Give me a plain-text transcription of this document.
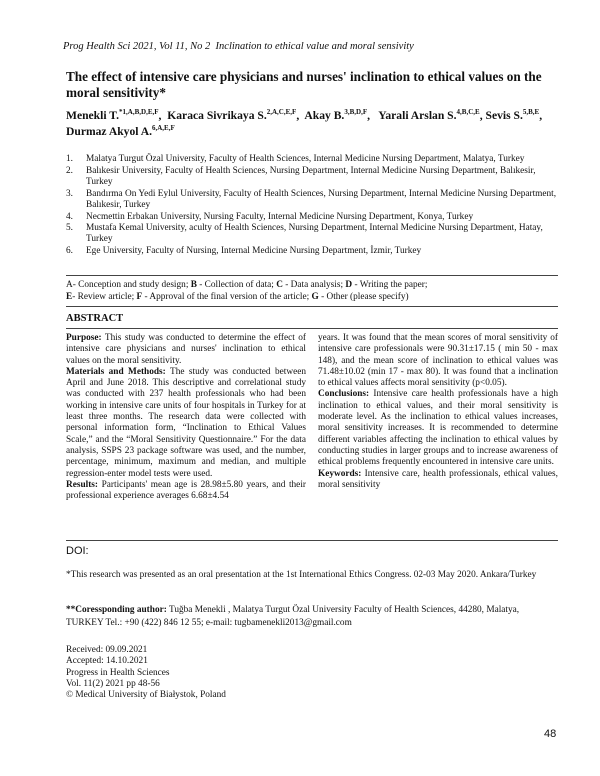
Prog Health Sci 2021, Vol 11, No 2 Inclination to ethical value and moral sensivity
The effect of intensive care physicians and nurses' inclination to ethical values on the moral sensitivity*
Menekli T.$^{*1,A,B,D,E,F}$, Karaca Sivrikaya S.$^{2,A,C,E,F}$, Akay B.$^{3,B,D,F}$, Yarali Arslan S.$^{4,B,C,E}$, Sevis S.$^{5,B,E}$,   Durmaz Akyol A.$^{6,A,E,F}$
1. Malatya Turgut Özal University, Faculty of Health Sciences, Internal Medicine Nursing Department, Malatya, Turkey
2. Balıkesir University, Faculty of Health Sciences, Nursing Department, Internal Medicine Nursing Department, Balıkesir, Turkey
3. Bandırma On Yedi Eylul University, Faculty of Health Sciences, Nursing Department, Internal Medicine Nursing Department, Balıkesir, Turkey
4. Necmettin Erbakan University, Nursing Faculty, Internal Medicine Nursing Department, Konya, Turkey
5. Mustafa Kemal University, aculty of Health Sciences, Nursing Department, Internal Medicine Nursing Department, Hatay, Turkey
6. Ege University, Faculty of Nursing, Internal Medicine Nursing Department, İzmir, Turkey
A- Conception and study design; B - Collection of data; C - Data analysis; D - Writing the paper;
E- Review article; F - Approval of the final version of the article; G - Other (please specify)
ABSTRACT

Purpose: This study was conducted to determine the effect of intensive care physicians and nurses' inclination to ethical values on the moral sensitivity.

Materials and Methods: The study was conducted between April and June 2018. This descriptive and correlational study was conducted with 237 health professionals who had been working in intensive care units of four hospitals in Turkey for at least three months. The research data were collected with personal information form, “Inclination to Ethical Values Scale,” and the “Moral Sensitivity Questionnaire.” For the data analysis, SSPS 23 package software was used, and the number, percentage, minimum, maximum and median, and multiple regression-enter model tests were used.

Results: Participants' mean age is 28.98±5.80 years, and their professional experience averages 6.68±4.54

years. It was found that the mean scores of moral sensitivity of intensive care professionals were 90.31±17.15 ( min 50 - max 148), and the mean score of inclination to ethical values was 71.48±10.02 (min 17 - max 80). It was found that a inclination to ethical values affects moral sensitivity (p<0.05).

Conclusions: Intensive care health professionals have a high inclination to ethical values, and their moral sensitivity is moderate level. As the inclination to ethical values increases, moral sensitivity increases. It is recommended to determine different variables affecting the inclination to ethical values by conducting studies in larger groups and to increase awareness of ethical problems frequently encountered in intensive care units.

Keywords: Intensive care, health professionals, ethical values, moral sensitivity

DOI:
*This research was presented as an oral presentation at the 1st International Ethics Congress. 02-03 May 2020. Ankara/Turkey
**Coressponding author: Tuğba Menekli , Malatya Turgut Özal University Faculty of Health Sciences, 44280, Malatya, TURKEY Tel.: +90 (422) 846 12 55; e-mail: tugbamenekli2013@gmail.com
Received: 09.09.2021
Accepted: 14.10.2021
Progress in Health Sciences
Vol. 11(2) 2021 pp 48-56
© Medical University of Białystok, Poland
48
